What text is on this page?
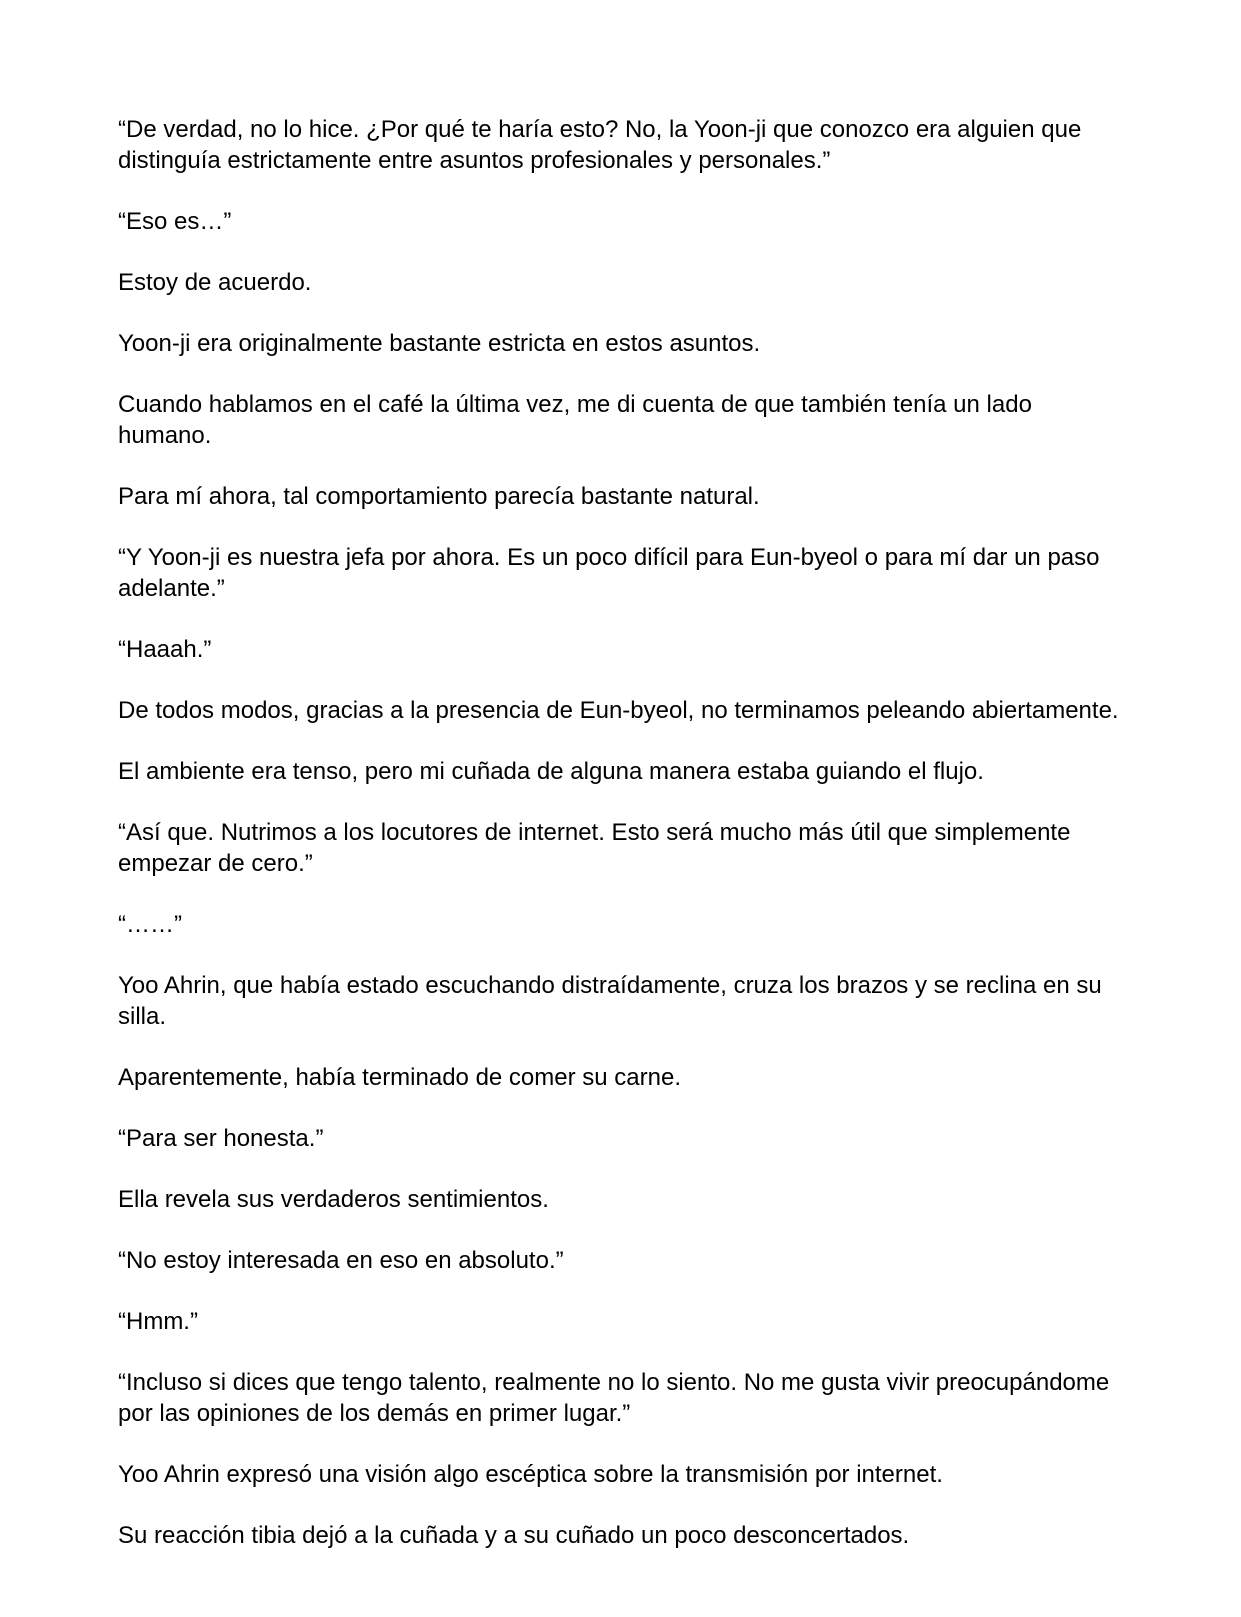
“De verdad, no lo hice. ¿Por qué te haría esto? No, la Yoon-ji que conozco era alguien que distinguía estrictamente entre asuntos profesionales y personales.”

“Eso es…”

Estoy de acuerdo.

Yoon-ji era originalmente bastante estricta en estos asuntos.

Cuando hablamos en el café la última vez, me di cuenta de que también tenía un lado humano.

Para mí ahora, tal comportamiento parecía bastante natural.

“Y Yoon-ji es nuestra jefa por ahora. Es un poco difícil para Eun-byeol o para mí dar un paso adelante.”

“Haaah.”

De todos modos, gracias a la presencia de Eun-byeol, no terminamos peleando abiertamente.

El ambiente era tenso, pero mi cuñada de alguna manera estaba guiando el flujo.

“Así que. Nutrimos a los locutores de internet. Esto será mucho más útil que simplemente empezar de cero.”

“……”

Yoo Ahrin, que había estado escuchando distraídamente, cruza los brazos y se reclina en su silla.

Aparentemente, había terminado de comer su carne.

“Para ser honesta.”

Ella revela sus verdaderos sentimientos.

“No estoy interesada en eso en absoluto.”

“Hmm.”

“Incluso si dices que tengo talento, realmente no lo siento. No me gusta vivir preocupándome por las opiniones de los demás en primer lugar.”

Yoo Ahrin expresó una visión algo escéptica sobre la transmisión por internet.

Su reacción tibia dejó a la cuñada y a su cuñado un poco desconcertados.
